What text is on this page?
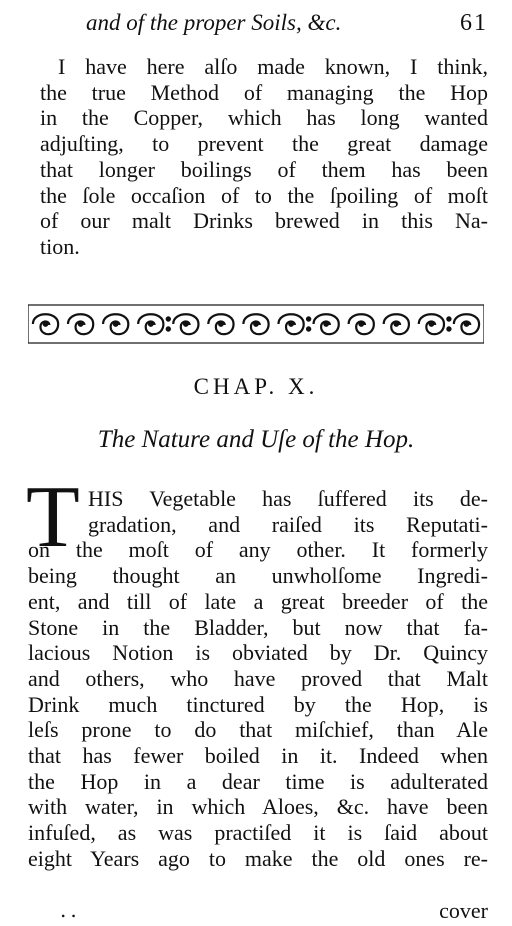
and of the proper Soils, &c.	61
I have here alſo made known, I think,
the true Method of managing the Hop
in the Copper, which has long wanted
adjuſting, to prevent the great damage
that longer boilings of them has been
the ſole occaſion of to the ſpoiling of moſt
of our malt Drinks brewed in this Na-
tion.
CHAP. X.
The Nature and Uſe of the Hop.
T HIS Vegetable has ſuffered its de-
gradation, and raiſed its Reputati-
on the moſt of any other. It formerly
being thought an unwholſome Ingredi-
ent, and till of late a great breeder of the
Stone in the Bladder, but now that fa-
lacious Notion is obviated by Dr. Quincy
and others, who have proved that Malt
Drink much tinctured by the Hop, is
leſs prone to do that miſchief, than Ale
that has fewer boiled in it. Indeed when
the Hop in a dear time is adulterated
with water, in which Aloes, &c. have been
infuſed, as was practiſed it is ſaid about
eight Years ago to make the old ones re-
..	cover
